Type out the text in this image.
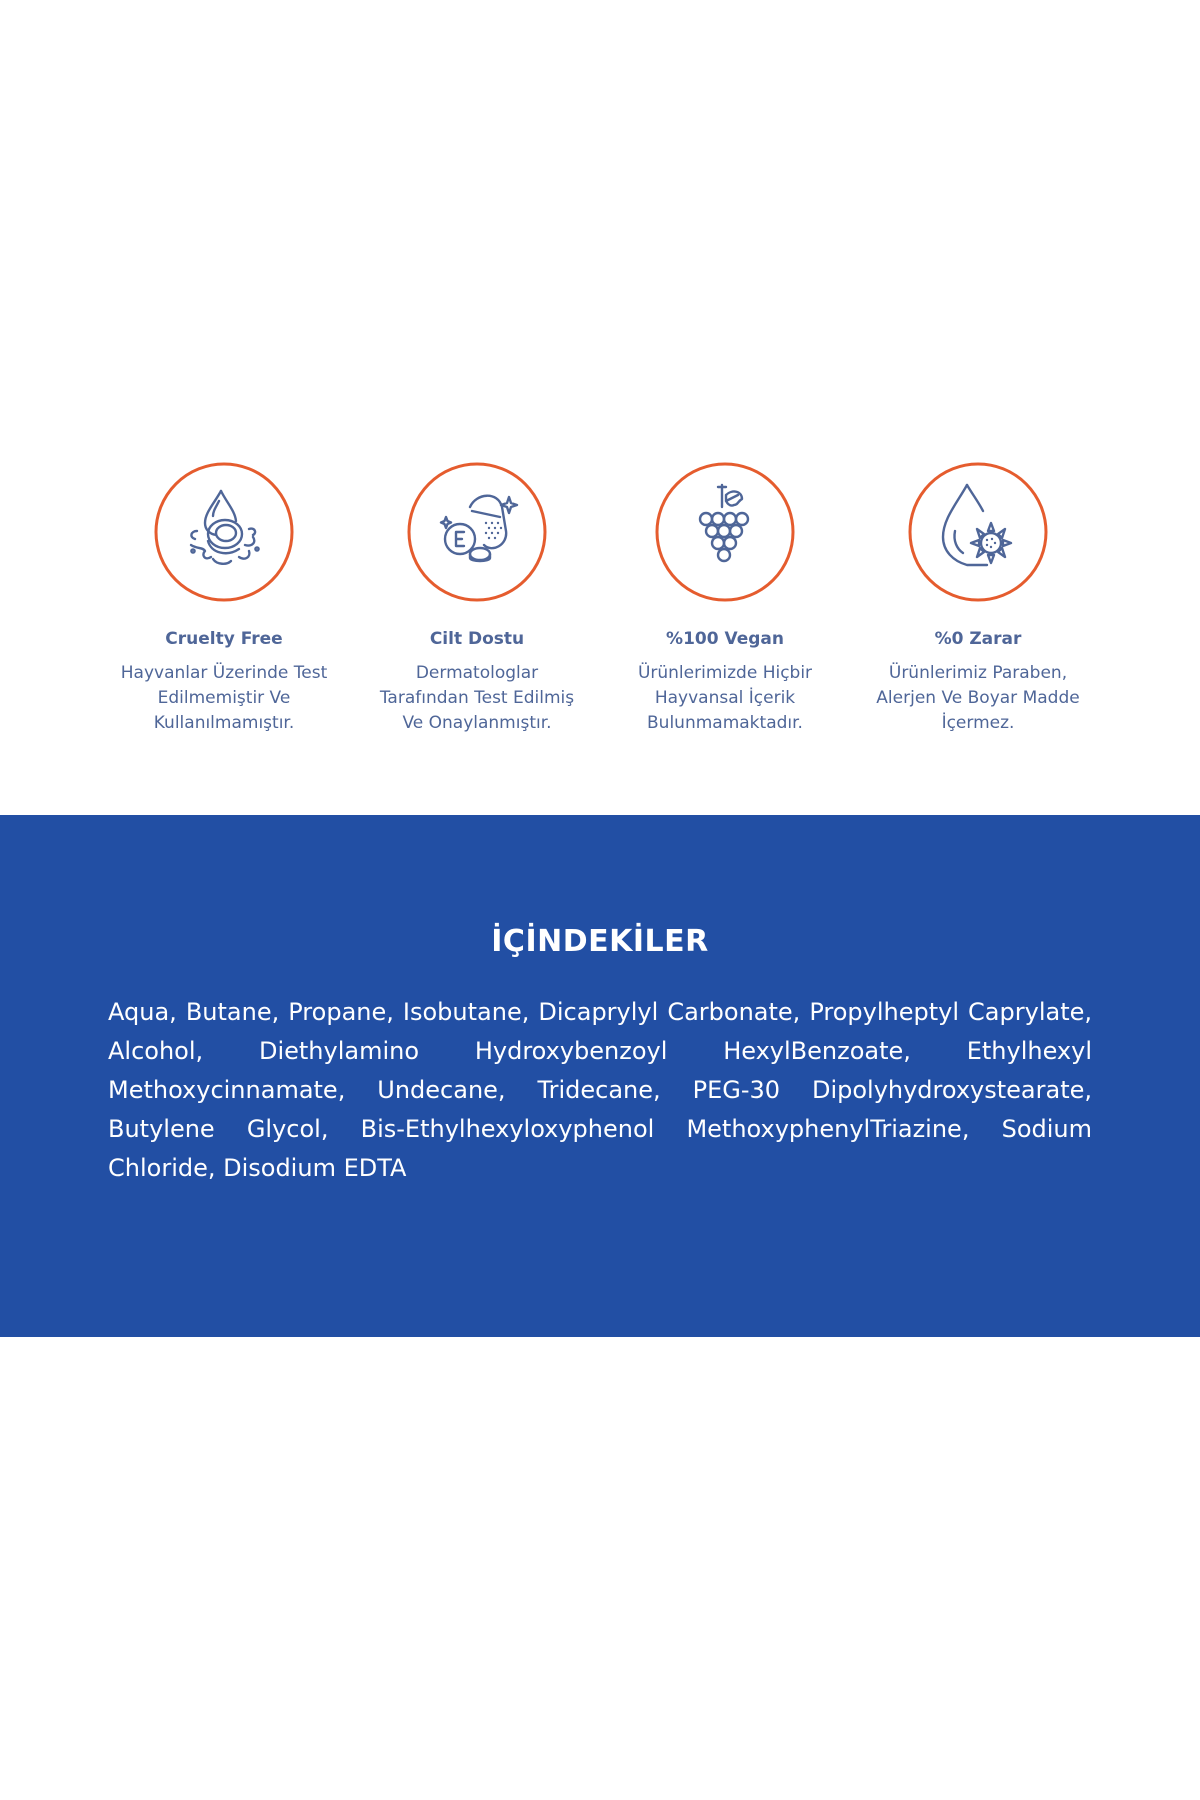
Cruelty Free
Hayvanlar Üzerinde Test
Edilmemiştir Ve
Kullanılmamıştır.
Cilt Dostu
Dermatologlar
Tarafından Test Edilmiş
Ve Onaylanmıştır.
%100 Vegan
Ürünlerimizde Hiçbir
Hayvansal İçerik
Bulunmamaktadır.
%0 Zarar
Ürünlerimiz Paraben,
Alerjen Ve Boyar Madde
İçermez.
İÇİNDEKİLER
Aqua, Butane, Propane, Isobutane, Dicaprylyl Carbonate, Propylheptyl Caprylate, Alcohol, Diethylamino Hydroxybenzoyl HexylBenzoate, Ethylhexyl Methoxycinnamate, Undecane, Tridecane, PEG-30 Dipolyhydroxystearate, Butylene Glycol, Bis-Ethylhexyloxyphenol MethoxyphenylTriazine, Sodium Chloride, Disodium EDTA
